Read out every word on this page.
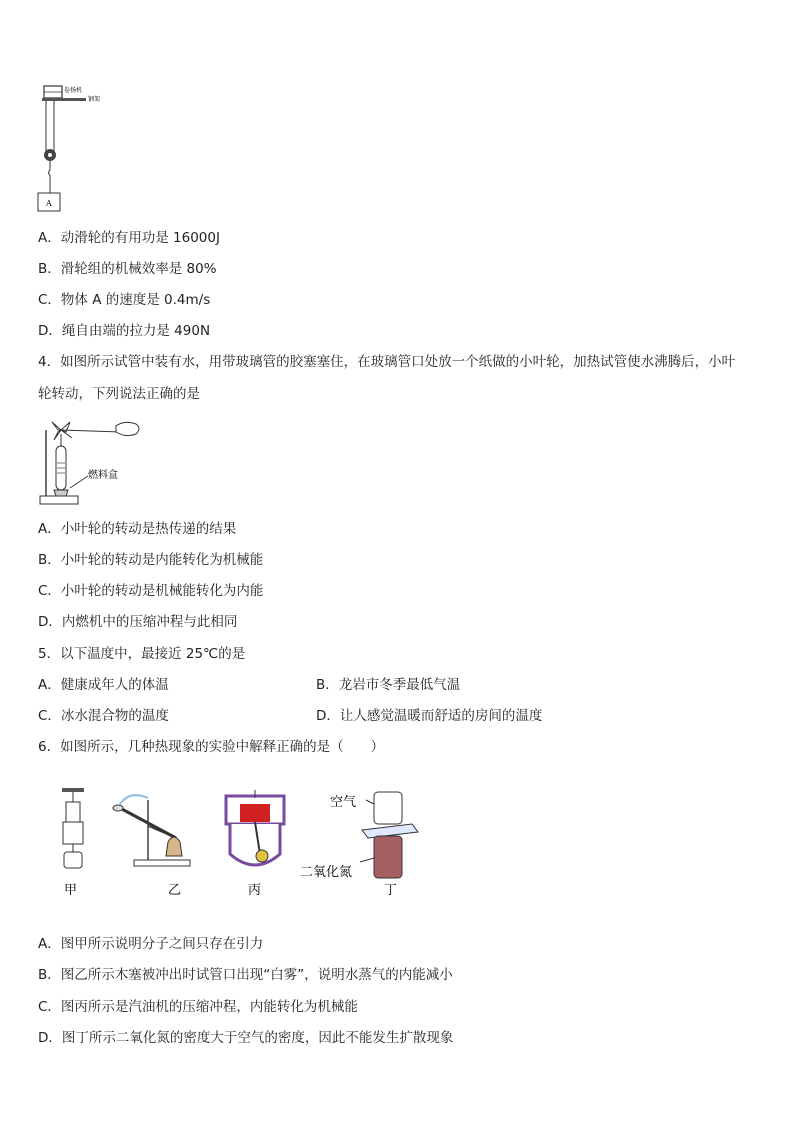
A
卷扬机
钢架
A．动滑轮的有用功是 16000J
B．滑轮组的机械效率是 80%
C．物体 A 的速度是 0.4m/s
D．绳自由端的拉力是 490N
4．如图所示试管中装有水，用带玻璃管的胶塞塞住，在玻璃管口处放一个纸做的小叶轮，加热试管使水沸腾后，小叶
轮转动，下列说法正确的是
燃料盒
A．小叶轮的转动是热传递的结果
B．小叶轮的转动是内能转化为机械能
C．小叶轮的转动是机械能转化为内能
D．内燃机中的压缩冲程与此相同
5．以下温度中，最接近 25℃的是
A．健康成年人的体温	B．龙岩市冬季最低气温
C．冰水混合物的温度	D．让人感觉温暖而舒适的房间的温度
6．如图所示，几种热现象的实验中解释正确的是（　　）
甲	乙	丙
空气
二氧化氮
丁
A．图甲所示说明分子之间只存在引力
B．图乙所示木塞被冲出时试管口出现“白雾”，说明水蒸气的内能减小
C．图丙所示是汽油机的压缩冲程，内能转化为机械能
D．图丁所示二氧化氮的密度大于空气的密度，因此不能发生扩散现象
